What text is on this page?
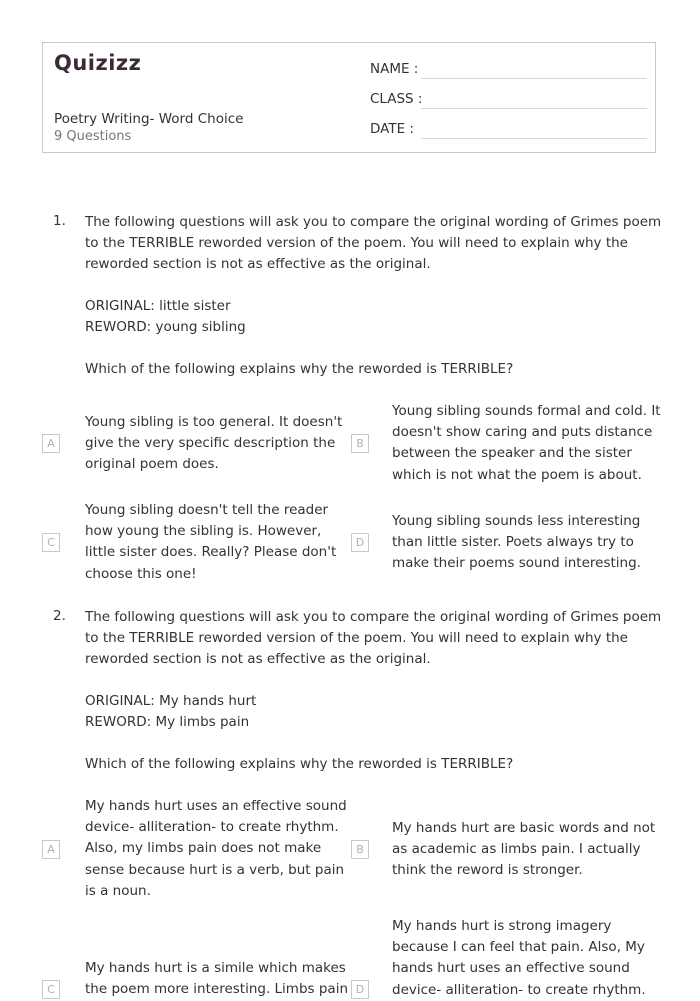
Quizizz
Poetry Writing- Word Choice
9 Questions
NAME :
CLASS :
DATE :
1. The following questions will ask you to compare the original wording of Grimes poem to the TERRIBLE reworded version of the poem. You will need to explain why the reworded section is not as effective as the original.
ORIGINAL: little sister
REWORD: young sibling
Which of the following explains why the reworded is TERRIBLE?
A
Young sibling is too general. It doesn't give the very specific description the original poem does.
B
Young sibling sounds formal and cold. It doesn't show caring and puts distance between the speaker and the sister which is not what the poem is about.
C
Young sibling doesn't tell the reader how young the sibling is. However, little sister does. Really? Please don't choose this one!
D
Young sibling sounds less interesting than little sister. Poets always try to make their poems sound interesting.
2. The following questions will ask you to compare the original wording of Grimes poem to the TERRIBLE reworded version of the poem. You will need to explain why the reworded section is not as effective as the original.
ORIGINAL: My hands hurt
REWORD: My limbs pain
Which of the following explains why the reworded is TERRIBLE?
A
My hands hurt uses an effective sound device- alliteration- to create rhythm. Also, my limbs pain does not make sense because hurt is a verb, but pain is a noun.
B
My hands hurt are basic words and not as academic as limbs pain. I actually think the reword is stronger.
C
My hands hurt is a simile which makes the poem more interesting. Limbs pain D
My hands hurt is strong imagery because I can feel that pain. Also, My hands hurt uses an effective sound device- alliteration- to create rhythm.
